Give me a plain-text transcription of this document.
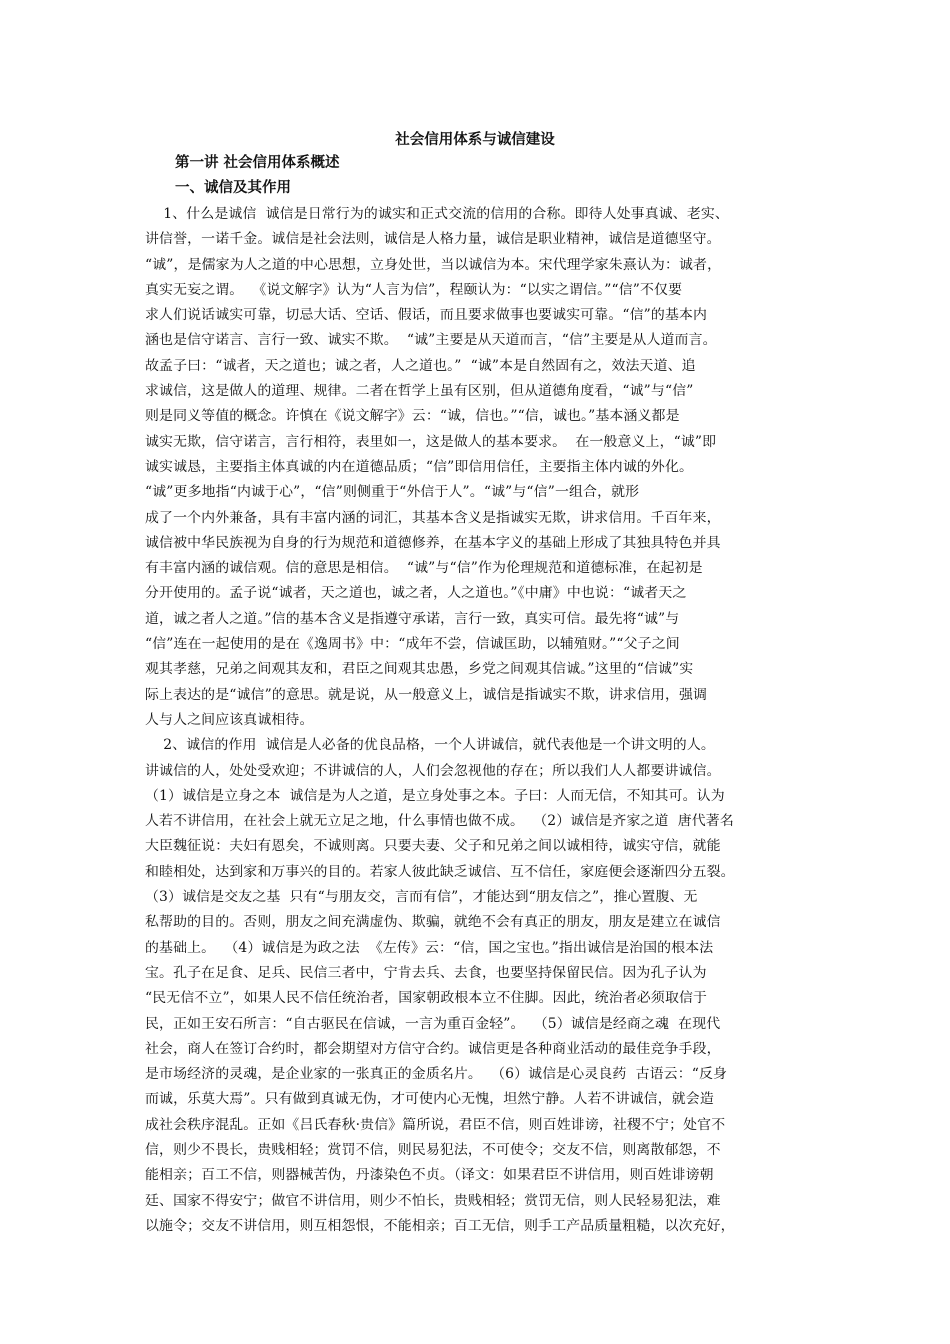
社会信用体系与诚信建设
第一讲 社会信用体系概述
一、诚信及其作用
1、什么是诚信  诚信是日常行为的诚实和正式交流的信用的合称。即待人处事真诚、老实、
讲信誉，一诺千金。诚信是社会法则，诚信是人格力量，诚信是职业精神，诚信是道德坚守。
“诚”，是儒家为人之道的中心思想，立身处世，当以诚信为本。宋代理学家朱熹认为：诚者，
真实无妄之谓。  《说文解字》认为“人言为信”，程颐认为：“以实之谓信。”“信”不仅要
求人们说话诚实可靠，切忌大话、空话、假话，而且要求做事也要诚实可靠。“信”的基本内
涵也是信守诺言、言行一致、诚实不欺。  “诚”主要是从天道而言，“信”主要是从人道而言。
故孟子曰：“诚者，天之道也；诚之者，人之道也。”  “诚”本是自然固有之，效法天道、追
求诚信，这是做人的道理、规律。二者在哲学上虽有区别，但从道德角度看，“诚”与“信”
则是同义等值的概念。许慎在《说文解字》云：“诚，信也。”“信，诚也。”基本涵义都是
诚实无欺，信守诺言，言行相符，表里如一，这是做人的基本要求。  在一般意义上，“诚”即
诚实诚恳，主要指主体真诚的内在道德品质；“信”即信用信任，主要指主体内诚的外化。
“诚”更多地指“内诚于心”，“信”则侧重于“外信于人”。“诚”与“信”一组合，就形
成了一个内外兼备，具有丰富内涵的词汇，其基本含义是指诚实无欺，讲求信用。千百年来，
诚信被中华民族视为自身的行为规范和道德修养，在基本字义的基础上形成了其独具特色并具
有丰富内涵的诚信观。信的意思是相信。  “诚”与“信”作为伦理规范和道德标准，在起初是
分开使用的。孟子说“诚者，天之道也，诚之者，人之道也。”《中庸》中也说：“诚者天之
道，诚之者人之道。”信的基本含义是指遵守承诺，言行一致，真实可信。最先将“诚”与
“信”连在一起使用的是在《逸周书》中：“成年不尝，信诚匡助，以辅殖财。”“父子之间
观其孝慈，兄弟之间观其友和，君臣之间观其忠愚，乡党之间观其信诚。”这里的“信诚”实
际上表达的是“诚信”的意思。就是说，从一般意义上，诚信是指诚实不欺，讲求信用，强调
人与人之间应该真诚相待。
2、诚信的作用  诚信是人必备的优良品格，一个人讲诚信，就代表他是一个讲文明的人。
讲诚信的人，处处受欢迎；不讲诚信的人，人们会忽视他的存在；所以我们人人都要讲诚信。
（1）诚信是立身之本  诚信是为人之道，是立身处事之本。子曰：人而无信，不知其可。认为
人若不讲信用，在社会上就无立足之地，什么事情也做不成。  （2）诚信是齐家之道  唐代著名
大臣魏征说：夫妇有恩矣，不诚则离。只要夫妻、父子和兄弟之间以诚相待，诚实守信，就能
和睦相处，达到家和万事兴的目的。若家人彼此缺乏诚信、互不信任，家庭便会逐渐四分五裂。
（3）诚信是交友之基  只有“与朋友交，言而有信”，才能达到“朋友信之”，推心置腹、无
私帮助的目的。否则，朋友之间充满虚伪、欺骗，就绝不会有真正的朋友，朋友是建立在诚信
的基础上。  （4）诚信是为政之法  《左传》云：“信，国之宝也。”指出诚信是治国的根本法
宝。孔子在足食、足兵、民信三者中，宁肯去兵、去食，也要坚持保留民信。因为孔子认为
“民无信不立”，如果人民不信任统治者，国家朝政根本立不住脚。因此，统治者必须取信于
民，正如王安石所言：“自古驱民在信诚，一言为重百金轻”。  （5）诚信是经商之魂  在现代
社会，商人在签订合约时，都会期望对方信守合约。诚信更是各种商业活动的最佳竞争手段，
是市场经济的灵魂，是企业家的一张真正的金质名片。  （6）诚信是心灵良药  古语云：“反身
而诚，乐莫大焉”。只有做到真诚无伪，才可使内心无愧，坦然宁静。人若不讲诚信，就会造
成社会秩序混乱。正如《吕氏春秋·贵信》篇所说，君臣不信，则百姓诽谤，社稷不宁；处官不
信，则少不畏长，贵贱相轻；赏罚不信，则民易犯法，不可使令；交友不信，则离散郁怨，不
能相亲；百工不信，则器械苦伪，丹漆染色不贞。（译文：如果君臣不讲信用，则百姓诽谤朝
廷、国家不得安宁；做官不讲信用，则少不怕长，贵贱相轻；赏罚无信，则人民轻易犯法，难
以施令；交友不讲信用，则互相怨恨，不能相亲；百工无信，则手工产品质量粗糙，以次充好，
